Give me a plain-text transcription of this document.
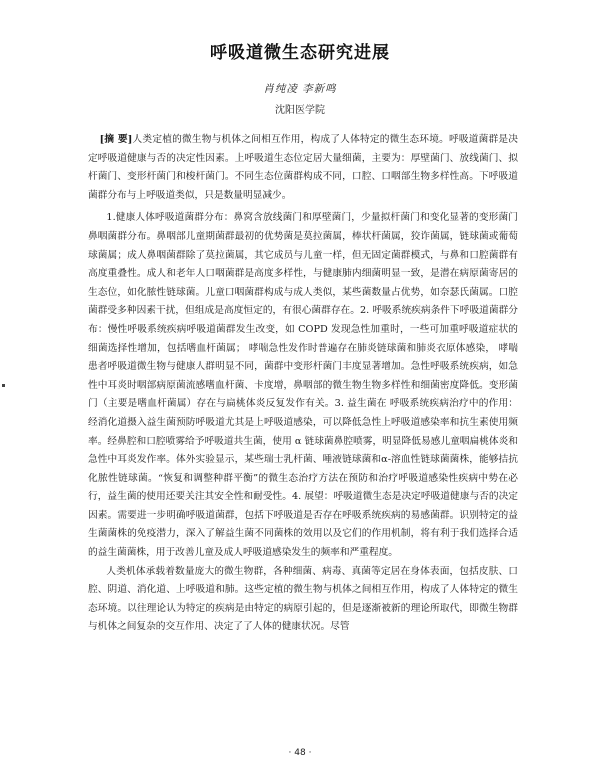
呼吸道微生态研究进展
肖纯凌 李新鸣
沈阳医学院

[摘 要]人类定植的微生物与机体之间相互作用，构成了人体特定的微生态环境。呼吸道菌群是决定呼吸道健康与否的决定性因素。上呼吸道生态位定居大量细菌，主要为：厚壁菌门、放线菌门、拟杆菌门、变形杆菌门和梭杆菌门。不同生态位菌群构成不同，口腔、口咽部生物多样性高。下呼吸道菌群分布与上呼吸道类似，只是数量明显减少。

1.健康人体呼吸道菌群分布：鼻窝含放线菌门和厚壁菌门，少量拟杆菌门和变化显著的变形菌门鼻咽菌群分布。鼻咽部儿童期菌群最初的优势菌是莫拉菌属，棒状杆菌属，狡诈菌属，链球菌或葡萄球菌属；成人鼻咽菌群除了莫拉菌属，其它成员与儿童一样，但无固定菌群模式，与鼻和口腔菌群有高度重叠性。成人和老年人口咽菌群是高度多样性，与健康肺内细菌明显一致，是潜在病原菌寄居的生态位，如化脓性链球菌。儿童口咽菌群构成与成人类似，某些菌数量占优势，如奈瑟氏菌属。口腔菌群受多种因素干扰，但组成是高度恒定的，有很心菌群存在。2. 呼吸系统疾病条件下呼吸道菌群分布：慢性呼吸系统疾病呼吸道菌群发生改变，如 COPD 发现急性加重时，一些可加重呼吸道症状的细菌选择性增加，包括嗜血杆菌属； 哮喘急性发作时普遍存在肺炎链球菌和肺炎衣原体感染， 哮喘患者呼吸道微生物与健康人群明显不同，菌群中变形杆菌门丰度显著增加。急性呼吸系统疾病，如急性中耳炎时咽部病原菌流感嗜血杆菌、卡度增，鼻咽部的微生物生物多样性和细菌密度降低。变形菌门（主要是嗜血杆菌属）存在与扁桃体炎反复发作有关。3. 益生菌在 呼吸系统疾病治疗中的作用：经消化道摄入益生菌预防呼吸道尤其是上呼吸道感染，可以降低急性上呼吸道感染率和抗生素使用频率。经鼻腔和口腔喷雾给予呼吸道共生菌，使用 α 链球菌鼻腔喷雾，明显降低易感儿童咽扁桃体炎和急性中耳炎发作率。体外实验显示，某些瑞士乳杆菌、唾液链球菌和α-溶血性链球菌菌株，能够拮抗化脓性链球菌。“恢复和调整种群平衡”的微生态治疗方法在预防和治疗呼吸道感染性疾病中势在必行，益生菌的使用还要关注其安全性和耐受性。4. 展望：呼吸道微生态是决定呼吸道健康与否的决定因素。需要进一步明确呼吸道菌群，包括下呼吸道是否存在呼吸系统疾病的易感菌群。识别特定的益生菌菌株的免疫潜力，深入了解益生菌不同菌株的效用以及它们的作用机制，将有利于我们选择合适的益生菌菌株，用于改善儿童及成人呼吸道感染发生的频率和严重程度。

人类机体承载着数量庞大的微生物群，各种细菌、病毒、真菌等定居在身体表面，包括皮肤、口腔、阴道、消化道、上呼吸道和肺。这些定植的微生物与机体之间相互作用，构成了人体特定的微生态环境。以往理论认为特定的疾病是由特定的病原引起的，但是逐渐被新的理论所取代，即微生物群与机体之间复杂的交互作用、决定了了人体的健康状况。尽管

· 48 ·
